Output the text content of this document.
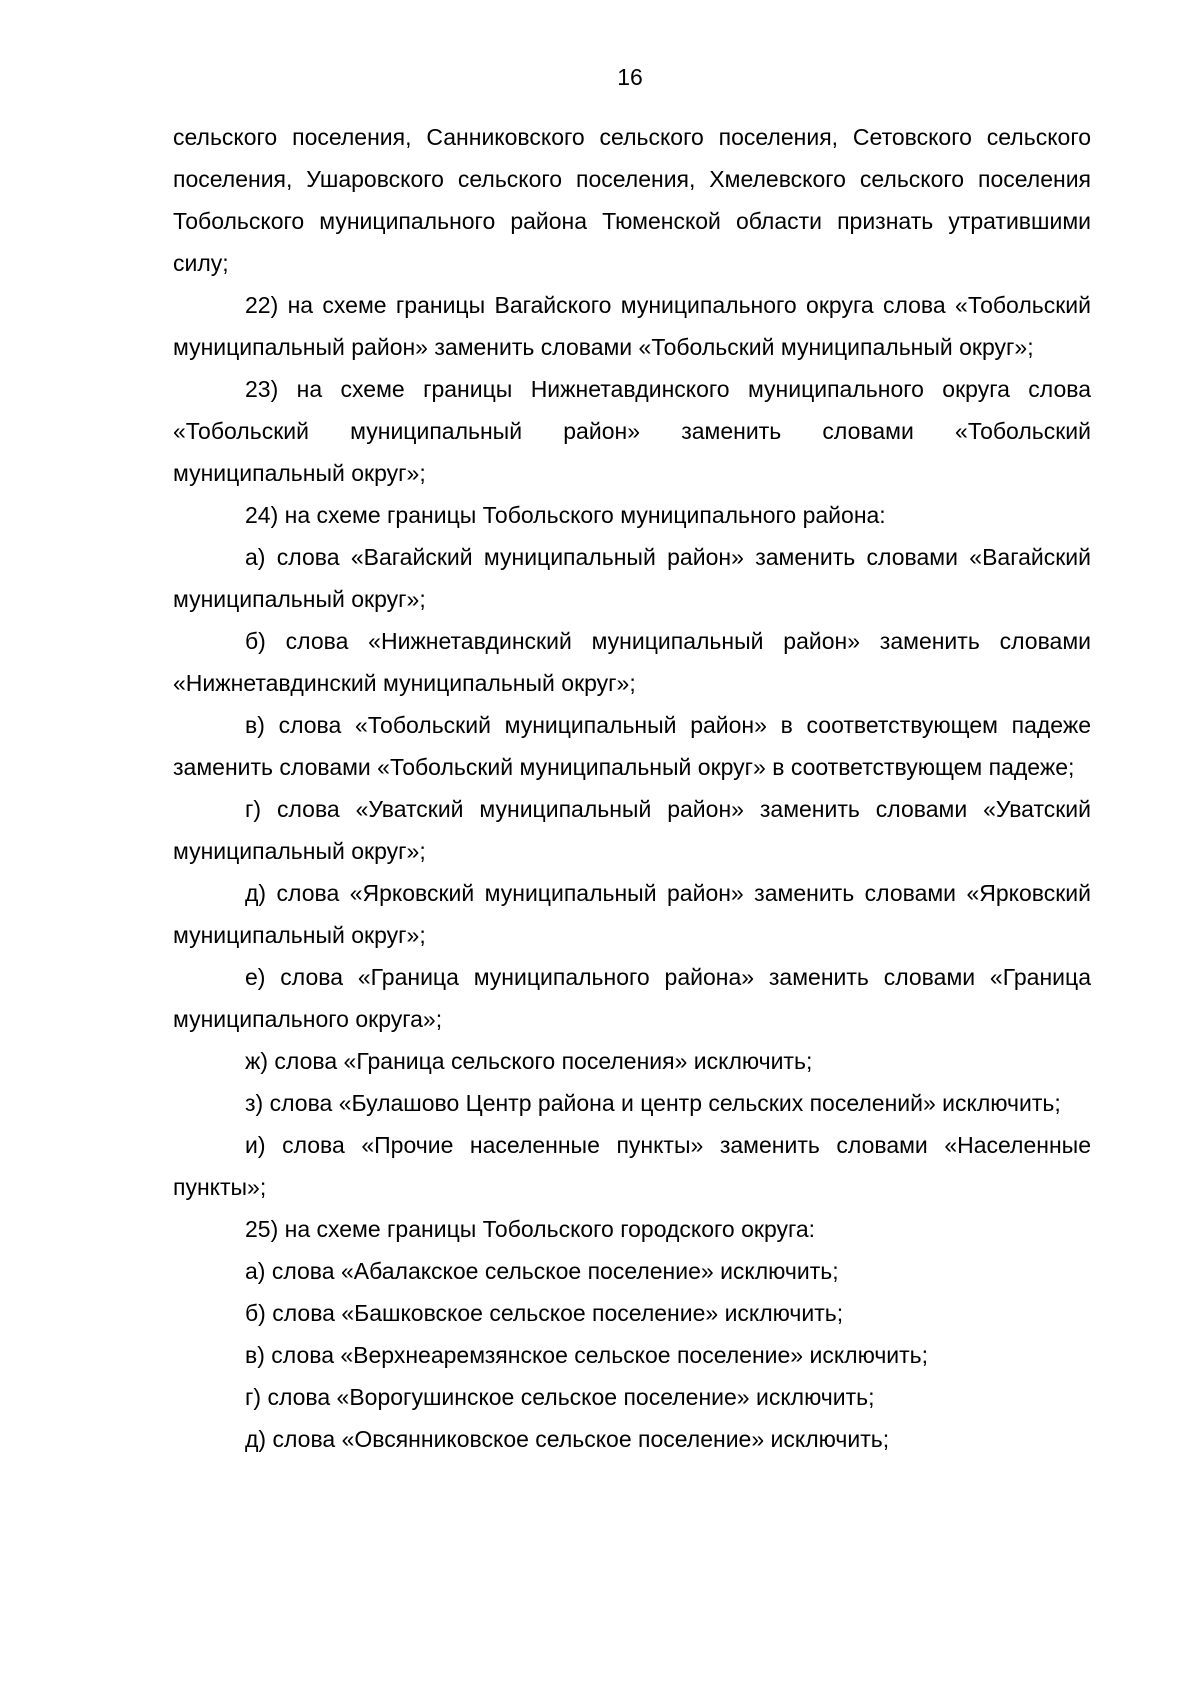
16

сельского поселения, Санниковского сельского поселения, Сетовского сельского поселения, Ушаровского сельского поселения, Хмелевского сельского поселения Тобольского муниципального района Тюменской области признать утратившими силу;

22) на схеме границы Вагайского муниципального округа слова «Тобольский муниципальный район» заменить словами «Тобольский муниципальный округ»;

23) на схеме границы Нижнетавдинского муниципального округа слова «Тобольский муниципальный район» заменить словами «Тобольский муниципальный округ»;

24) на схеме границы Тобольского муниципального района:

а) слова «Вагайский муниципальный район» заменить словами «Вагайский муниципальный округ»;

б) слова «Нижнетавдинский муниципальный район» заменить словами «Нижнетавдинский муниципальный округ»;

в) слова «Тобольский муниципальный район» в соответствующем падеже заменить словами «Тобольский муниципальный округ» в соответствующем падеже;

г) слова «Уватский муниципальный район» заменить словами «Уватский муниципальный округ»;

д) слова «Ярковский муниципальный район» заменить словами «Ярковский муниципальный округ»;

е) слова «Граница муниципального района» заменить словами «Граница муниципального округа»;

ж) слова «Граница сельского поселения» исключить;

з) слова «Булашово Центр района и центр сельских поселений» исключить;

и) слова «Прочие населенные пункты» заменить словами «Населенные пункты»;

25) на схеме границы Тобольского городского округа:

а) слова «Абалакское сельское поселение» исключить;

б) слова «Башковское сельское поселение» исключить;

в) слова «Верхнеаремзянское сельское поселение» исключить;

г) слова «Ворогушинское сельское поселение» исключить;

д) слова «Овсянниковское сельское поселение» исключить;
